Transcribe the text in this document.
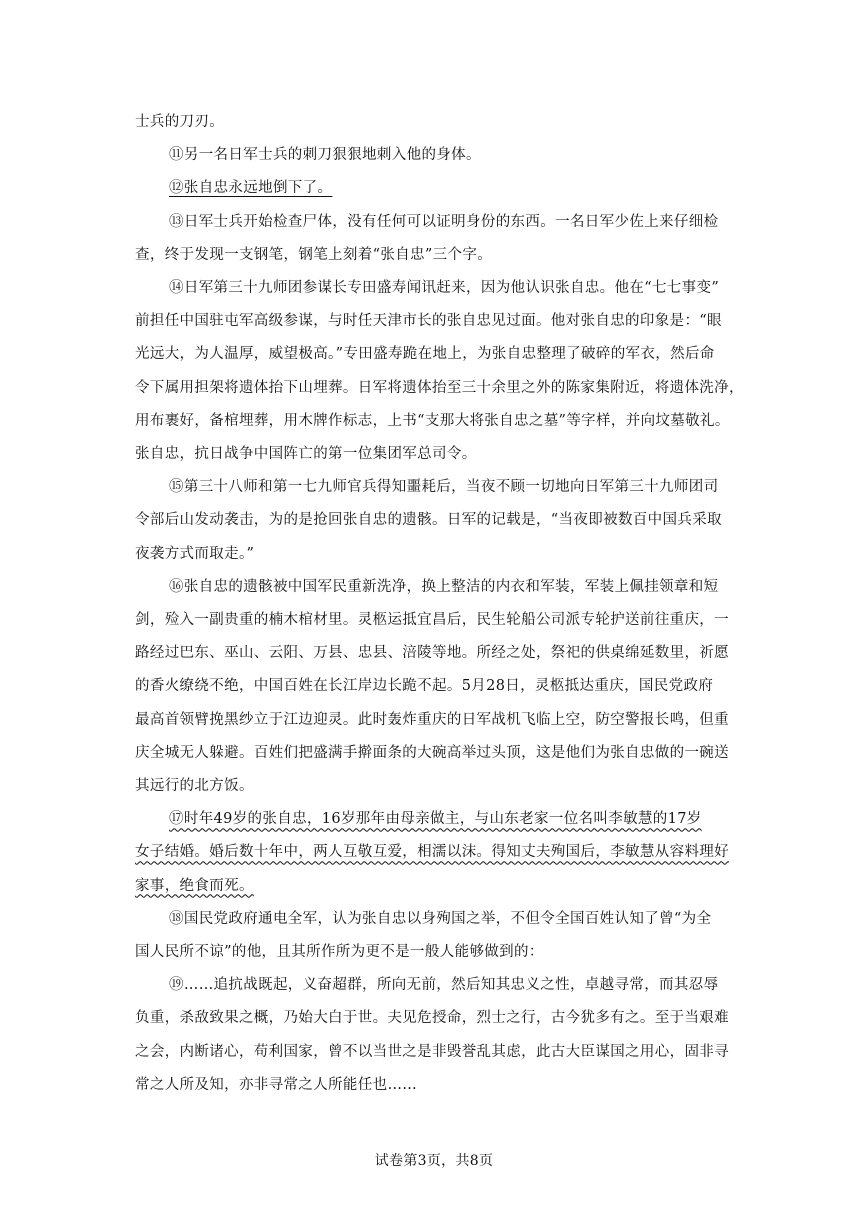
士兵的刀刃。
⑪另一名日军士兵的刺刀狠狠地刺入他的身体。
⑫张自忠永远地倒下了。
⑬日军士兵开始检查尸体，没有任何可以证明身份的东西。一名日军少佐上来仔细检
查，终于发现一支钢笔，钢笔上刻着“张自忠”三个字。
⑭日军第三十九师团参谋长专田盛寿闻讯赶来，因为他认识张自忠。他在“七七事变”
前担任中国驻屯军高级参谋，与时任天津市长的张自忠见过面。他对张自忠的印象是：“眼
光远大，为人温厚，威望极高。”专田盛寿跪在地上，为张自忠整理了破碎的军衣，然后命
令下属用担架将遗体抬下山埋葬。日军将遗体抬至三十余里之外的陈家集附近，将遗体洗净，
用布裹好，备棺埋葬，用木牌作标志，上书“支那大将张自忠之墓”等字样，并向坟墓敬礼。
张自忠，抗日战争中国阵亡的第一位集团军总司令。
⑮第三十八师和第一七九师官兵得知噩耗后，当夜不顾一切地向日军第三十九师团司
令部后山发动袭击，为的是抢回张自忠的遗骸。日军的记载是，“当夜即被数百中国兵采取
夜袭方式而取走。”
⑯张自忠的遗骸被中国军民重新洗净，换上整洁的内衣和军装，军装上佩挂领章和短
剑，殓入一副贵重的楠木棺材里。灵柩运抵宜昌后，民生轮船公司派专轮护送前往重庆，一
路经过巴东、巫山、云阳、万县、忠县、涪陵等地。所经之处，祭祀的供桌绵延数里，祈愿
的香火缭绕不绝，中国百姓在长江岸边长跪不起。5月28日，灵柩抵达重庆，国民党政府
最高首领臂挽黑纱立于江边迎灵。此时轰炸重庆的日军战机飞临上空，防空警报长鸣，但重
庆全城无人躲避。百姓们把盛满手擀面条的大碗高举过头顶，这是他们为张自忠做的一碗送
其远行的北方饭。
⑰时年49岁的张自忠，16岁那年由母亲做主，与山东老家一位名叫李敏慧的17岁
女子结婚。婚后数十年中，两人互敬互爱，相濡以沫。得知丈夫殉国后，李敏慧从容料理好
家事，绝食而死。
⑱国民党政府通电全军，认为张自忠以身殉国之举，不但令全国百姓认知了曾“为全
国人民所不谅”的他，且其所作所为更不是一般人能够做到的：
⑲……追抗战既起，义奋超群，所向无前，然后知其忠义之性，卓越寻常，而其忍辱
负重，杀敌致果之概，乃始大白于世。夫见危授命，烈士之行，古今犹多有之。至于当艰难
之会，内断诸心，苟利国家，曾不以当世之是非毁誉乱其虑，此古大臣谋国之用心，固非寻
常之人所及知，亦非寻常之人所能任也……
试卷第3页，共8页
